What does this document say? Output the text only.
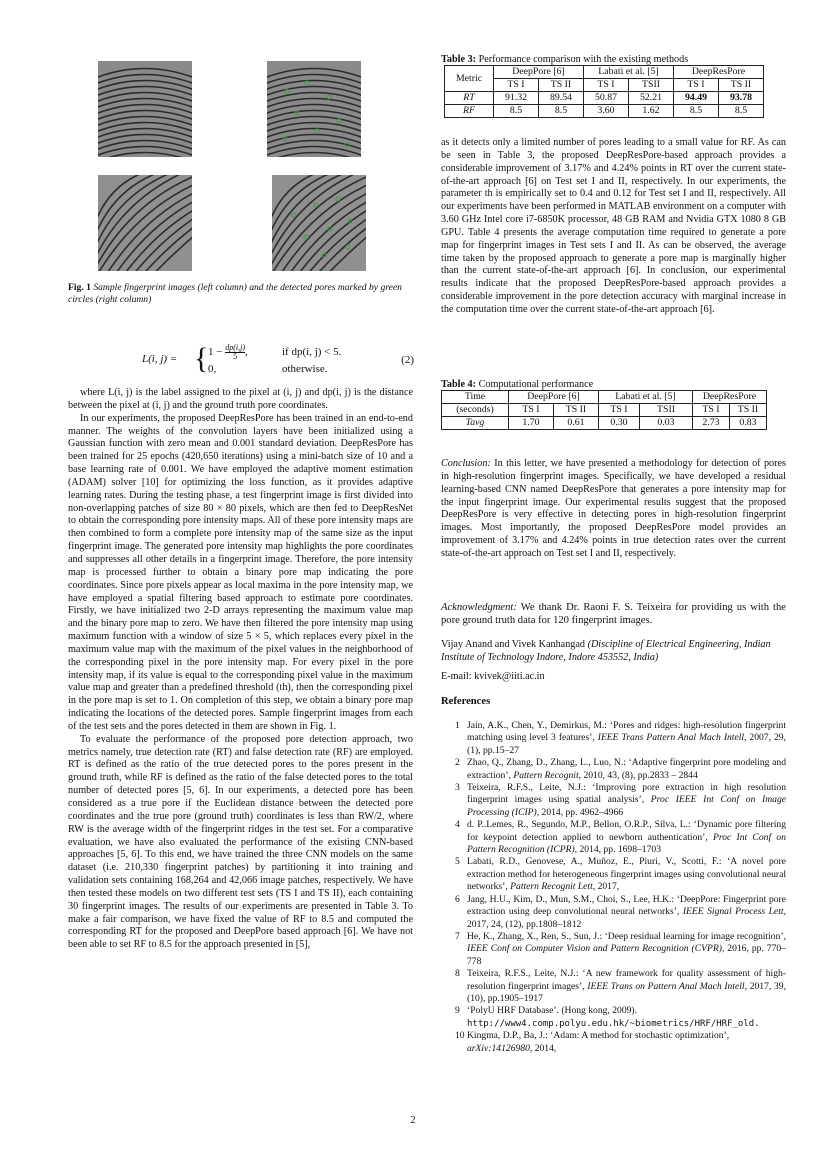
Fig. 1 Sample fingerprint images (left column) and the detected pores marked by green circles (right column)
L(i, j) = { $1 - \frac{dp(i,j)}{5}$ ,	if dp(i, j) < 5.
0,	otherwise.
(2)

where L(i, j) is the label assigned to the pixel at (i, j) and dp(i, j) is the distance between the pixel at (i, j) and the ground truth pore coordinates.

In our experiments, the proposed DeepResPore has been trained in an end-to-end manner. The weights of the convolution layers have been initialized using a Gaussian function with zero mean and 0.001 standard deviation. DeepResPore has been trained for 25 epochs (420,650 iterations) using a mini-batch size of 10 and a base learning rate of 0.001. We have employed the adaptive moment estimation (ADAM) solver [10] for optimizing the loss function, as it provides adaptive learning rates. During the testing phase, a test fingerprint image is first divided into non-overlapping patches of size 80 × 80 pixels, which are then fed to DeepResNet to obtain the corresponding pore intensity maps. All of these pore intensity maps are then combined to form a complete pore intensity map of the same size as the input fingerprint image. The generated pore intensity map highlights the pore coordinates and suppresses all other details in a fingerprint image. Therefore, the pore intensity map is processed further to obtain a binary pore map indicating the pore coordinates. Since pore pixels appear as local maxima in the pore intensity map, we have employed a spatial filtering based approach to estimate pore coordinates. Firstly, we have initialized two 2-D arrays representing the maximum value map and the binary pore map to zero. We have then filtered the pore intensity map using maximum function with a window of size 5 × 5, which replaces every pixel in the maximum value map with the maximum of the pixel values in the neighborhood of the corresponding pixel in the pore intensity map. For every pixel in the pore intensity map, if its value is equal to the corresponding pixel value in the maximum value map and greater than a predefined threshold (th), then the corresponding pixel in the pore map is set to 1. On completion of this step, we obtain a binary pore map indicating the locations of the detected pores. Sample fingerprint images from each of the test sets and the pores detected in them are shown in Fig. 1.

To evaluate the performance of the proposed pore detection approach, two metrics namely, true detection rate (RT) and false detection rate (RF) are employed. RT is defined as the ratio of the true detected pores to the pores present in the ground truth, while RF is defined as the ratio of the false detected pores to the total number of detected pores [5, 6]. In our experiments, a detected pore has been considered as a true pore if the Euclidean distance between the detected pore coordinates and the true pore (ground truth) coordinates is less than RW/2, where RW is the average width of the fingerprint ridges in the test set. For a comparative evaluation, we have also evaluated the performance of the existing CNN-based approaches [5, 6]. To this end, we have trained the three CNN models on the same dataset (i.e. 210,330 fingerprint patches) by partitioning it into training and validation sets containing 168,264 and 42,066 image patches, respectively. We have then tested these models on two different test sets (TS I and TS II), each containing 30 fingerprint images. The results of our experiments are presented in Table 3. To make a fair comparison, we have fixed the value of RF to 8.5 and computed the corresponding RT for the proposed and DeepPore based approach [6]. We have not been able to set RF to 8.5 for the approach presented in [5],

Table 3: Performance comparison with the existing methods
Metric	DeepPore [6]		Labati et al. [5]		DeepResPore	
	TS I	TS II	TS I	TSII	TS I	TS II
RT	91.32	89.54	50.87	52.21	94.49	93.78
RF	8.5	8.5	3.60	1.62	8.5	8.5

as it detects only a limited number of pores leading to a small value for RF. As can be seen in Table 3, the proposed DeepResPore-based approach provides a considerable improvement of 3.17% and 4.24% points in RT over the current state-of-the-art approach [6] on Test set I and II, respectively. In our experiments, the parameter th is empirically set to 0.4 and 0.12 for Test set I and II, respectively. All our experiments have been performed in MATLAB environment on a computer with 3.60 GHz Intel core i7-6850K processor, 48 GB RAM and Nvidia GTX 1080 8 GB GPU. Table 4 presents the average computation time required to generate a pore map for fingerprint images in Test sets I and II. As can be observed, the average time taken by the proposed approach to generate a pore map is marginally higher than the current state-of-the-art approach [6]. In conclusion, our experimental results indicate that the proposed DeepResPore-based approach provides a considerable improvement in the pore detection accuracy with marginal increase in the computation time over the current state-of-the-art approach [6].

Table 4: Computational performance
Time	DeepPore [6]		Labati et al. [5]		DeepResPore	
(seconds)	TS I	TS II	TS I	TSII	TS I	TS II
Tavg	1.70	0.61	0.30	0.03	2.73	0.83

Conclusion: In this letter, we have presented a methodology for detection of pores in high-resolution fingerprint images. Specifically, we have developed a residual learning-based CNN named DeepResPore that generates a pore intensity map for the input fingerprint image. Our experimental results suggest that the proposed DeepResPore is very effective in detecting pores in high-resolution fingerprint images. Most importantly, the proposed DeepResPore model provides an improvement of 3.17% and 4.24% points in true detection rates over the current state-of-the-art approach on Test set I and II, respectively.

Acknowledgment: We thank Dr. Raoni F. S. Teixeira for providing us with the pore ground truth data for 120 fingerprint images.

Vijay Anand and Vivek Kanhangad (Discipline of Electrical Engineering, Indian Institute of Technology Indore, Indore 453552, India)
E-mail: kvivek@iiti.ac.in
References
1 Jain, A.K., Chen, Y., Demirkus, M.: ‘Pores and ridges: high-resolution fingerprint matching using level 3 features’, IEEE Trans Pattern Anal Mach Intell, 2007, 29, (1), pp.15–27
2 Zhao, Q., Zhang, D., Zhang, L., Luo, N.: ‘Adaptive fingerprint pore modeling and extraction’, Pattern Recognit, 2010, 43, (8), pp.2833 – 2844
3 Teixeira, R.F.S., Leite, N.J.: ‘Improving pore extraction in high resolution fingerprint images using spatial analysis’, Proc IEEE Int Conf on Image Processing (ICIP), 2014, pp. 4962–4966
4 d. P..Lemes, R., Segundo, M.P., Bellon, O.R.P., Silva, L.: ‘Dynamic pore filtering for keypoint detection applied to newborn authentication’, Proc Int Conf on Pattern Recognition (ICPR), 2014, pp. 1698–1703
5 Labati, R.D., Genovese, A., Muñoz, E., Piuri, V., Scotti, F.: ‘A novel pore extraction method for heterogeneous fingerprint images using convolutional neural networks’, Pattern Recognit Lett, 2017,
6 Jang, H.U., Kim, D., Mun, S.M., Choi, S., Lee, H.K.: ‘DeepPore: Fingerprint pore extraction using deep convolutional neural networks’, IEEE Signal Process Lett, 2017, 24, (12), pp.1808–1812
7 He, K., Zhang, X., Ren, S., Sun, J.: ‘Deep residual learning for image recognition’, IEEE Conf on Computer Vision and Pattern Recognition (CVPR), 2016, pp. 770–778
8 Teixeira, R.F.S., Leite, N.J.: ‘A new framework for quality assessment of high-resolution fingerprint images’, IEEE Trans on Pattern Anal Mach Intell, 2017, 39, (10), pp.1905–1917
9 ‘PolyU HRF Database’. (Hong kong, 2009).
http://www4.comp.polyu.edu.hk/~biometrics/HRF/HRF_old.
10 Kingma, D.P., Ba, J.: ‘Adam: A method for stochastic optimization’,
arXiv:14126980, 2014,
2
